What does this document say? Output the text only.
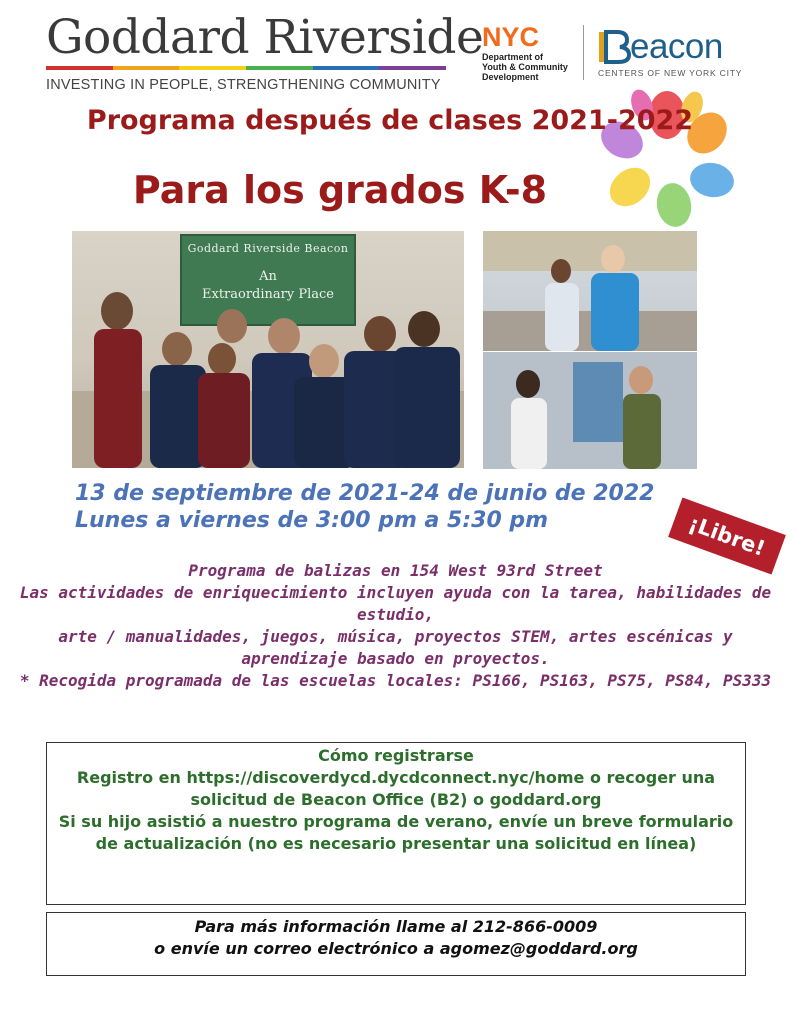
Goddard Riverside
INVESTING IN PEOPLE, STRENGTHENING COMMUNITY
NYC
Department of
Youth & Community
Development
eacon
CENTERS OF NEW YORK CITY
Programa después de clases 2021-2022
Para los grados K-8
Goddard Riverside Beacon
An
Extraordinary Place
13 de septiembre de 2021-24 de junio de 2022
Lunes a viernes de 3:00 pm a 5:30 pm	¡Libre!

Programa de balizas en 154 West 93rd Street

Las actividades de enriquecimiento incluyen ayuda con la tarea, habilidades de estudio,

arte / manualidades, juegos, música, proyectos STEM, artes escénicas y aprendizaje basado en proyectos.

* Recogida programada de las escuelas locales: PS166, PS163, PS75, PS84, PS333

Cómo registrarse

Registro en https://discoverdycd.dycdconnect.nyc/home o recoger una solicitud de Beacon Office (B2) o goddard.org

Si su hijo asistió a nuestro programa de verano, envíe un breve formulario de actualización (no es necesario presentar una solicitud en línea)

Para más información llame al 212-866-0009

o envíe un correo electrónico a agomez@goddard.org
